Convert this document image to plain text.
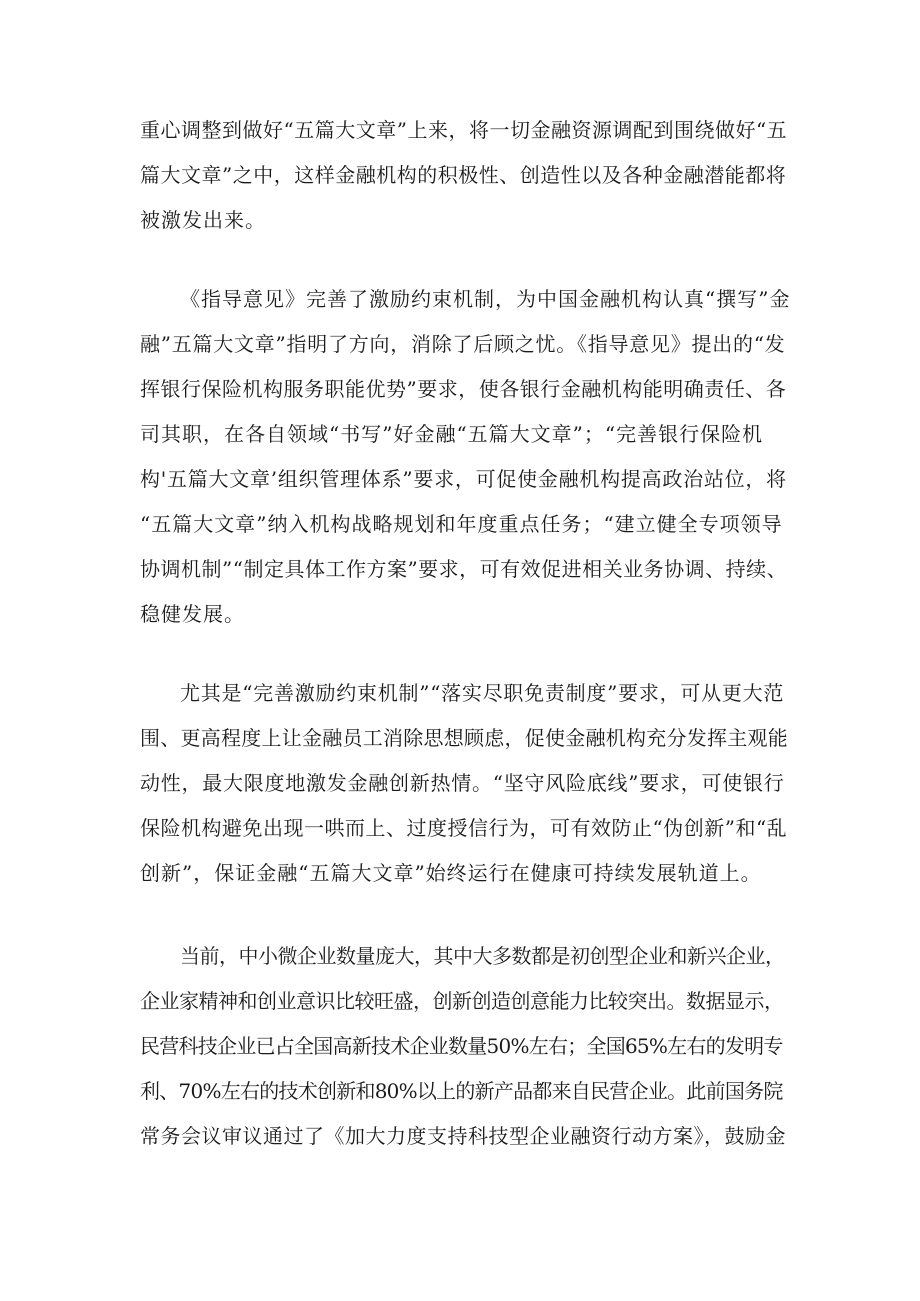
重心调整到做好“五篇大文章”上来，将一切金融资源调配到围绕做好“五
篇大文章”之中，这样金融机构的积极性、创造性以及各种金融潜能都将
被激发出来。
《指导意见》完善了激励约束机制，为中国金融机构认真“撰写”金
融”五篇大文章”指明了方向，消除了后顾之忧。《指导意见》提出的“发
挥银行保险机构服务职能优势”要求，使各银行金融机构能明确责任、各
司其职，在各自领域“书写”好金融“五篇大文章”；“完善银行保险机
构'五篇大文章’组织管理体系”要求，可促使金融机构提高政治站位，将
“五篇大文章”纳入机构战略规划和年度重点任务；“建立健全专项领导
协调机制”“制定具体工作方案”要求，可有效促进相关业务协调、持续、
稳健发展。
尤其是“完善激励约束机制”“落实尽职免责制度”要求，可从更大范
围、更高程度上让金融员工消除思想顾虑，促使金融机构充分发挥主观能
动性，最大限度地激发金融创新热情。“坚守风险底线”要求，可使银行
保险机构避免出现一哄而上、过度授信行为，可有效防止“伪创新”和“乱
创新”，保证金融“五篇大文章”始终运行在健康可持续发展轨道上。
当前，中小微企业数量庞大，其中大多数都是初创型企业和新兴企业，
企业家精神和创业意识比较旺盛，创新创造创意能力比较突出。数据显示，
民营科技企业已占全国高新技术企业数量50%左右；全国65%左右的发明专
利、70%左右的技术创新和80%以上的新产品都来自民营企业。此前国务院
常务会议审议通过了《加大力度支持科技型企业融资行动方案》，鼓励金
